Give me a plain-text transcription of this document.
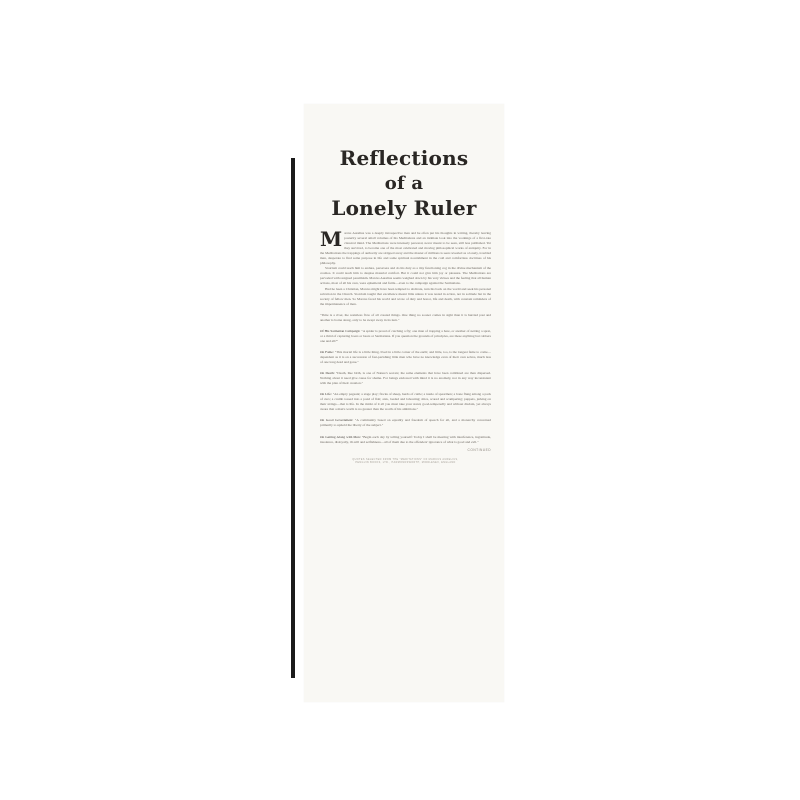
Reflections
of a
Lonely Ruler

Marcus Aurelius was a deeply introspective man and he often put his thoughts in writing, thereby leaving posterity several small volumes of his Meditations and an intimate look into the workings of a first-rate classical mind. The Meditations were intensely personal, never meant to be seen, still less published. Yet they survived, to become one of the most celebrated and moving philosophical works of antiquity. For in the Meditations the trappings of authority are stripped away and the master of millions is seen revealed as a lonely, troubled man, desperate to find some purpose in life and some spiritual nourishment in the cold and comfortless doctrines of his philosophy.

Stoicism could teach him to endure, persevere and do his duty as a tiny functioning cog in the divine mechanism of the cosmos. It could teach him to despise material comfort. But it could not give him joy or pleasure. The Meditations are pervaded with resigned pessimism. Marcus Aurelius seems weighed down by his very virtues and the feeling that all human actions, most of all his own, were ephemeral and futile—even to the campaign against the Sarmatians.

Had he been a Christian, Marcus might have been tempted to abdicate, turn his back on the world and seek his personal salvation in the Church. Stoicism taught that excellence meant little unless it was tested in action, not in solitude but in the society of fellow men. So Marcus faced his world and wrote of duty and honor, life and death, with constant reminders of the impermanence of man.

"Time is a river, the resistless flow of all created things. One thing no sooner comes in sight than it is hurried past and another is borne along, only to be swept away in its turn."

Of His Sarmatian Campaign: "A spider is proud of catching a fly; one man of trapping a hare, or another of netting a sprat, or a third of capturing boars or bears or Sarmatians. If you question the grounds of principles, are these anything but robbers one and all?"

On Fame: "This mortal life is a little thing, lived in a little corner of the earth; and little, too, is the longest fame to come—dependent as it is on a succession of fast-perishing little men who have no knowledge even of their own selves, much less of one long dead and gone."

On Death: "Death, like birth, is one of Nature's secrets; the same elements that have been combined are then dispersed. Nothing about it need give cause for shame. For beings endowed with mind it is no anomaly, nor in any way inconsistent with the plan of their creation."

On Life: "An empty pageant; a stage play; flocks of sheep, herds of cattle; a tussle of spearmen; a bone flung among a pack of curs; a crumb tossed into a pond of fish; ants, loaded and labouring; mice, scared and scampering; puppets, jerking on their strings—that is life. In the midst of it all you must take your stand, good-temperedly and without disdain, yet always aware that a man's worth is no greater than the worth of his ambitions."

On Good Government: "A community based on equality and freedom of speech for all, and a monarchy concerned primarily to uphold the liberty of the subject."

On Getting Along with Men: "Begin each day by telling yourself: Today I shall be meeting with interference, ingratitude, insolence, disloyalty, ill-will and selfishness—all of them due to the offenders' ignorance of what is good and evil."

CONTINUED
QUOTES SELECTED FROM THE "MEDITATIONS" OF MARCUS AURELIUS,
PENGUIN BOOKS, LTD., HARMONDSWORTH, MIDDLESEX, ENGLAND
